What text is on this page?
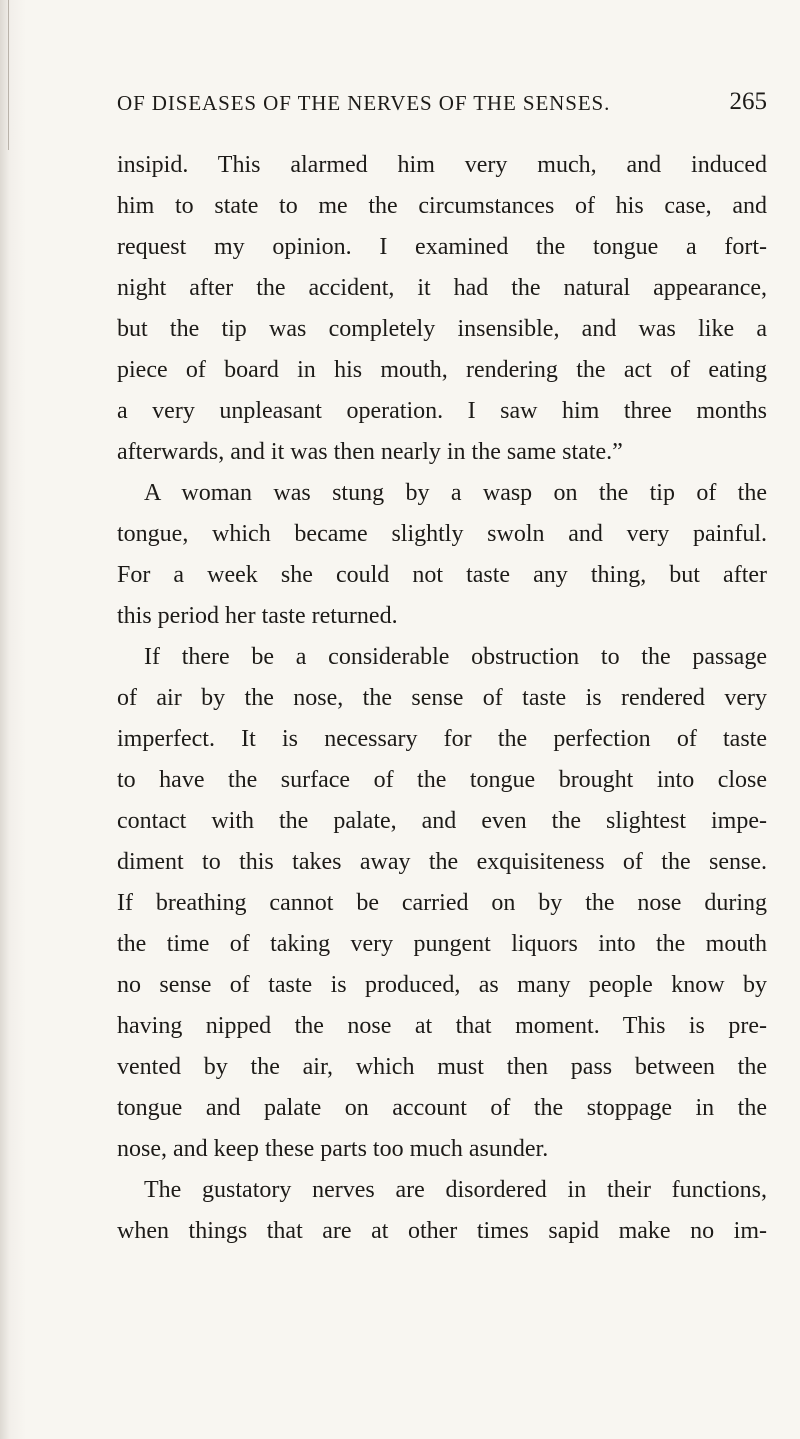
OF DISEASES OF THE NERVES OF THE SENSES.	265
insipid. This alarmed him very much, and induced
him to state to me the circumstances of his case, and
request my opinion. I examined the tongue a fort-
night after the accident, it had the natural appearance,
but the tip was completely insensible, and was like a
piece of board in his mouth, rendering the act of eating
a very unpleasant operation. I saw him three months
afterwards, and it was then nearly in the same state.”
A woman was stung by a wasp on the tip of the
tongue, which became slightly swoln and very painful.
For a week she could not taste any thing, but after
this period her taste returned.
If there be a considerable obstruction to the passage
of air by the nose, the sense of taste is rendered very
imperfect. It is necessary for the perfection of taste
to have the surface of the tongue brought into close
contact with the palate, and even the slightest impe-
diment to this takes away the exquisiteness of the sense.
If breathing cannot be carried on by the nose during
the time of taking very pungent liquors into the mouth
no sense of taste is produced, as many people know by
having nipped the nose at that moment. This is pre-
vented by the air, which must then pass between the
tongue and palate on account of the stoppage in the
nose, and keep these parts too much asunder.
The gustatory nerves are disordered in their functions,
when things that are at other times sapid make no im-
